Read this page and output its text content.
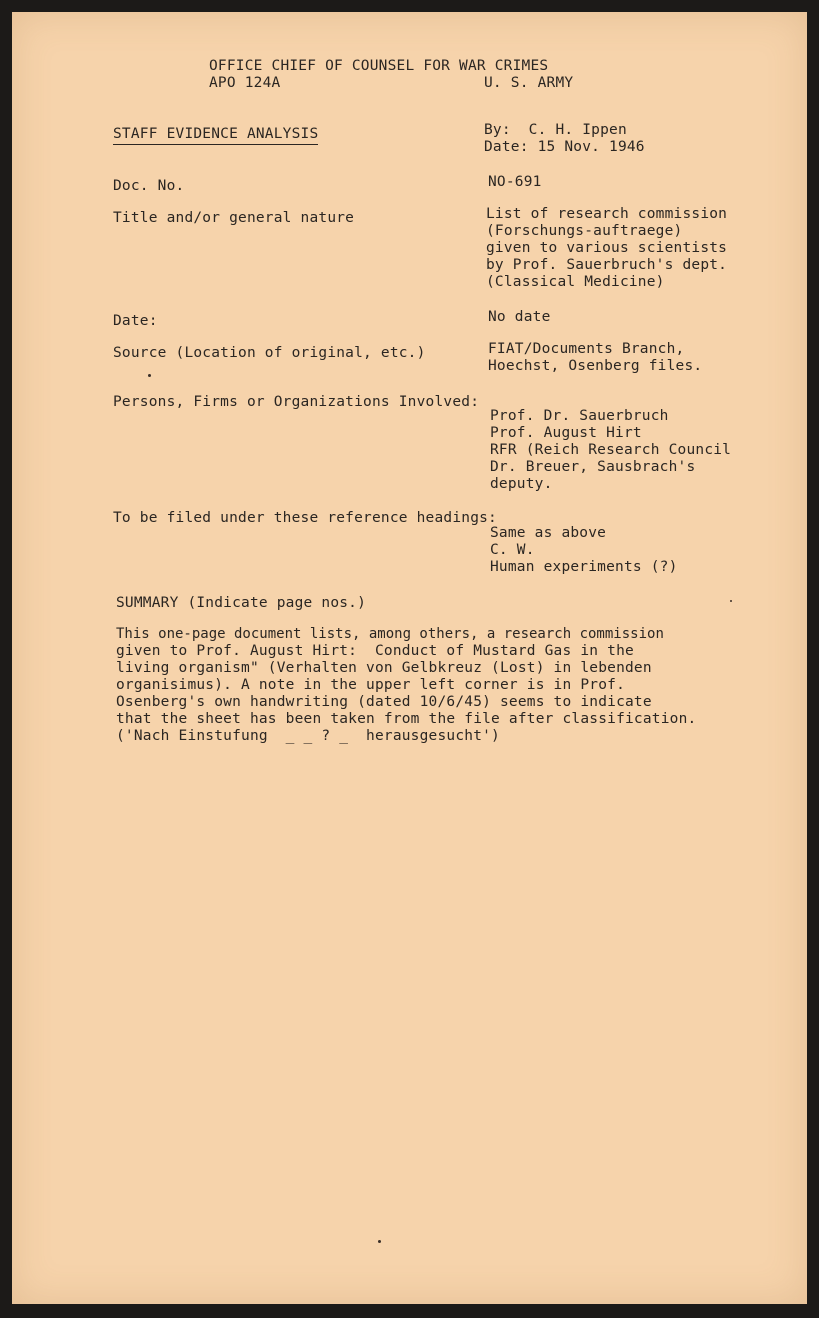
OFFICE CHIEF OF COUNSEL FOR WAR CRIMES
APO 124A	U. S. ARMY
STAFF EVIDENCE ANALYSIS	By:  C. H. Ippen
Date: 15 Nov. 1946
Doc. No.	NO-691
Title and/or general nature	List of research commission
(Forschungs-auftraege)
given to various scientists
by Prof. Sauerbruch's dept.
(Classical Medicine)
Date:	No date
Source (Location of original, etc.)	FIAT/Documents Branch,
Hoechst, Osenberg files.
Persons, Firms or Organizations Involved:
Prof. Dr. Sauerbruch
Prof. August Hirt
RFR (Reich Research Council
Dr. Breuer, Sausbrach's
deputy.
To be filed under these reference headings:
Same as above
C. W.
Human experiments (?)
SUMMARY (Indicate page nos.)
This one-page document lists, among others, a research commission
given to Prof. August Hirt:  Conduct of Mustard Gas in the
living organism" (Verhalten von Gelbkreuz (Lost) in lebenden
organisimus). A note in the upper left corner is in Prof.
Osenberg's own handwriting (dated 10/6/45) seems to indicate
that the sheet has been taken from the file after classification.
('Nach Einstufung  _ _ ? _  herausgesucht')
